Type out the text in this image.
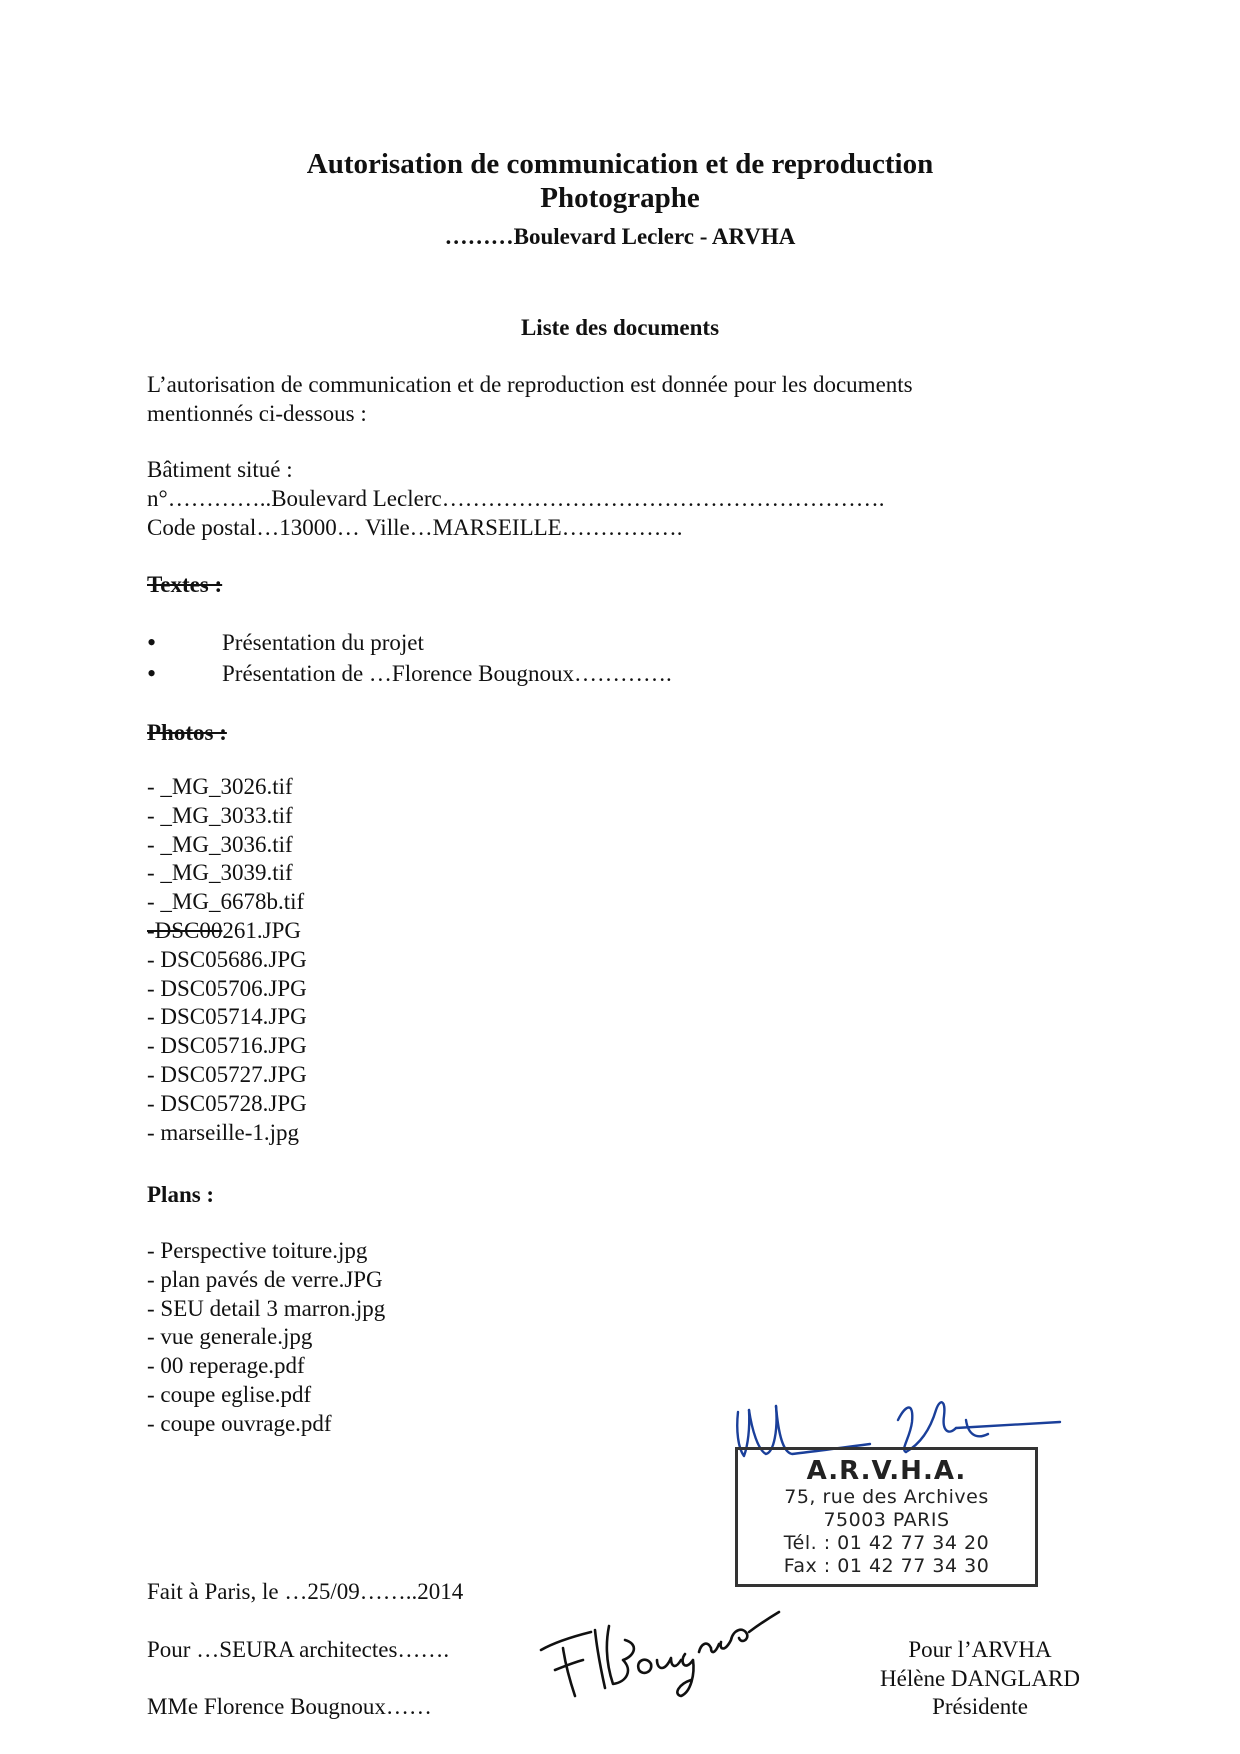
Autorisation de communication et de reproduction
Photographe
………Boulevard Leclerc - ARVHA
Liste des documents
L’autorisation de communication et de reproduction est donnée pour les documents
mentionnés ci-dessous :
Bâtiment situé :
n°…………..Boulevard Leclerc………………………………………………….
Code postal…13000… Ville…MARSEILLE…………….
Textes :
• Présentation du projet
• Présentation de …Florence Bougnoux………….
Photos :
- _MG_3026.tif
- _MG_3033.tif
- _MG_3036.tif
- _MG_3039.tif
- _MG_6678b.tif
-DSC00261.JPG
- DSC05686.JPG
- DSC05706.JPG
- DSC05714.JPG
- DSC05716.JPG
- DSC05727.JPG
- DSC05728.JPG
- marseille-1.jpg
Plans :
- Perspective toiture.jpg
- plan pavés de verre.JPG
- SEU detail 3 marron.jpg
- vue generale.jpg
- 00 reperage.pdf
- coupe eglise.pdf
- coupe ouvrage.pdf
A.R.V.H.A.
75, rue des Archives
75003 PARIS
Tél. : 01 42 77 34 20
Fax : 01 42 77 34 30
Fait à Paris, le …25/09……..2014
Pour …SEURA architectes…….
MMe Florence Bougnoux……
Pour l’ARVHA
Hélène DANGLARD
Présidente
